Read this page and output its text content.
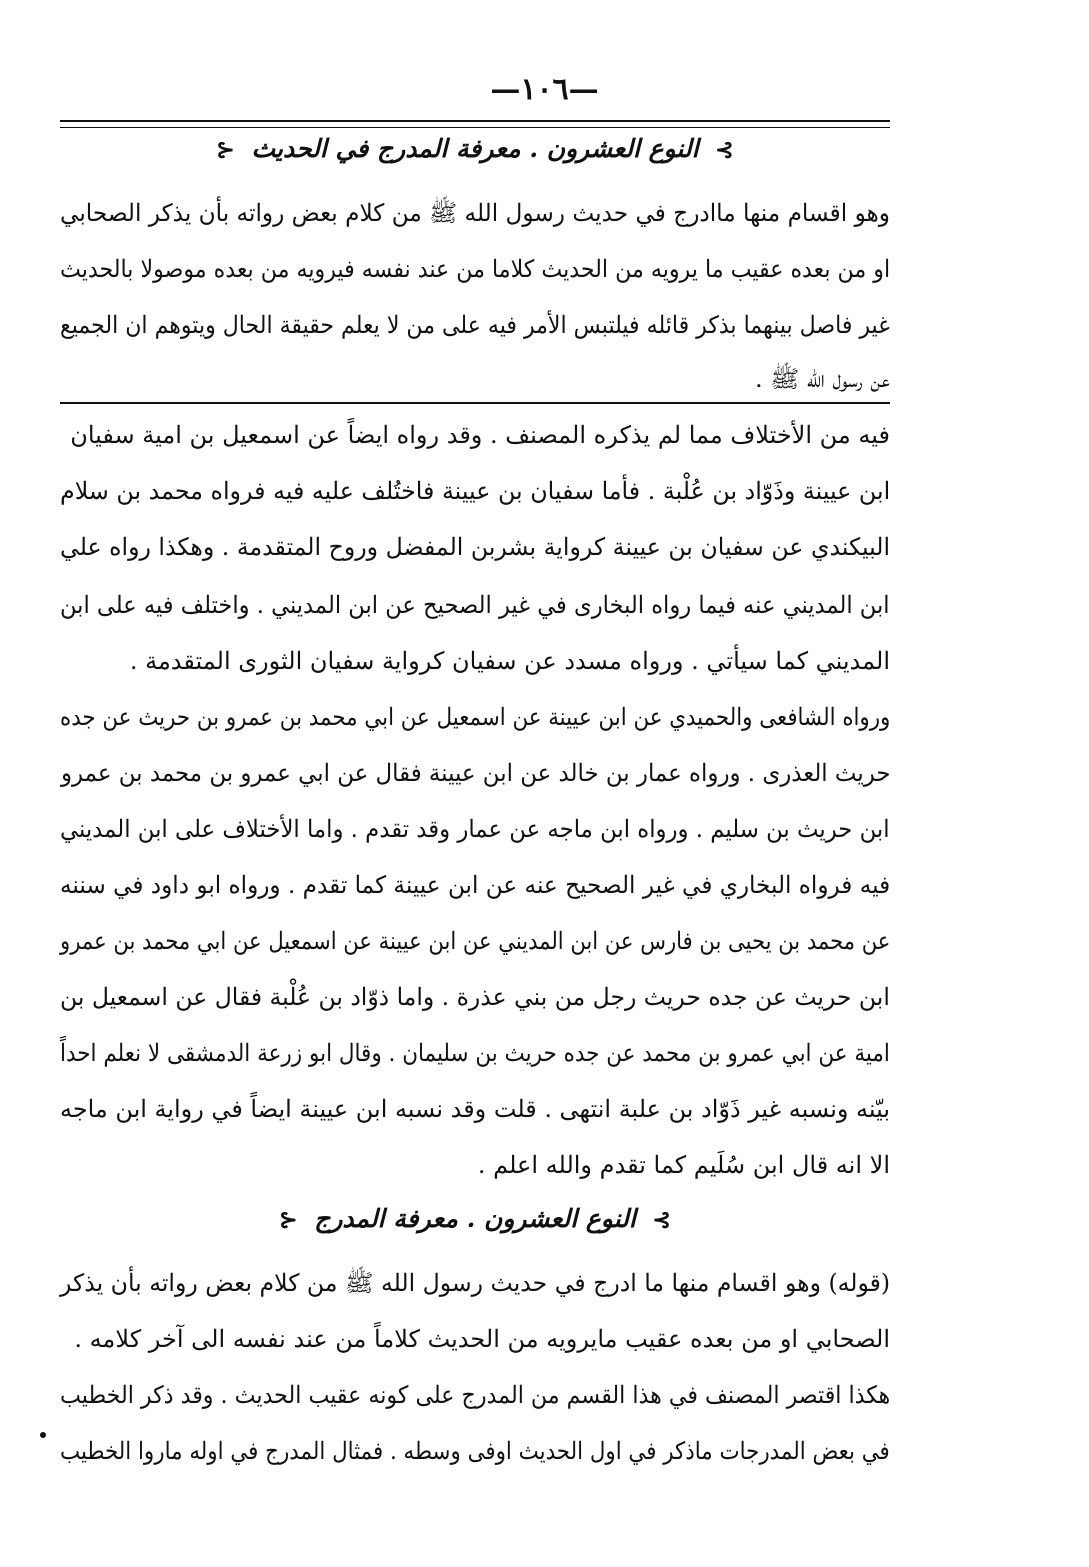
—١٠٦—
⊱ النوع العشرون . معرفة المدرج في الحديث ⊰
وهو اقسام منها ماادرج في حديث رسول الله ﷺ من كلام بعض رواته بأن يذكر الصحابي
او من بعده عقيب ما يرويه من الحديث كلاما من عند نفسه فيرويه من بعده موصولا بالحديث
غير فاصل بينهما بذكر قائله فيلتبس الأمر فيه على من لا يعلم حقيقة الحال ويتوهم ان الجميع
عن رسول الله ﷺ .
فيه من الأختلاف مما لم يذكره المصنف . وقد رواه ايضاً عن اسمعيل بن امية سفيان
ابن عيينة وذَوّاد بن عُلْبة . فأما سفيان بن عيينة فاختُلف عليه فيه فرواه محمد بن سلام
البيكندي عن سفيان بن عيينة كرواية بشربن المفضل وروح المتقدمة . وهكذا رواه علي
ابن المديني عنه فيما رواه البخارى في غير الصحيح عن ابن المديني . واختلف فيه على ابن
المديني كما سيأتي . ورواه مسدد عن سفيان كرواية سفيان الثورى المتقدمة .
ورواه الشافعى والحميدي عن ابن عيينة عن اسمعيل عن ابي محمد بن عمرو بن حريث عن جده
حريث العذرى . ورواه عمار بن خالد عن ابن عيينة فقال عن ابي عمرو بن محمد بن عمرو
ابن حريث بن سليم . ورواه ابن ماجه عن عمار وقد تقدم . واما الأختلاف على ابن المديني
فيه فرواه البخاري في غير الصحيح عنه عن ابن عيينة كما تقدم . ورواه ابو داود في سننه
عن محمد بن يحيى بن فارس عن ابن المديني عن ابن عيينة عن اسمعيل عن ابي محمد بن عمرو
ابن حريث عن جده حريث رجل من بني عذرة . واما ذوّاد بن عُلْبة فقال عن اسمعيل بن
امية عن ابي عمرو بن محمد عن جده حريث بن سليمان . وقال ابو زرعة الدمشقى لا نعلم احداً
بيّنه ونسبه غير ذَوّاد بن علبة انتهى . قلت وقد نسبه ابن عيينة ايضاً في رواية ابن ماجه
الا انه قال ابن سُلَيم كما تقدم والله اعلم .
⊱ النوع العشرون . معرفة المدرج ⊰
(قوله) وهو اقسام منها ما ادرج في حديث رسول الله ﷺ من كلام بعض رواته بأن يذكر
الصحابي او من بعده عقيب مايرويه من الحديث كلاماً من عند نفسه الى آخر كلامه .
هكذا اقتصر المصنف في هذا القسم من المدرج على كونه عقيب الحديث . وقد ذكر الخطيب
في بعض المدرجات ماذكر في اول الحديث اوفى وسطه . فمثال المدرج في اوله ماروا الخطيب
